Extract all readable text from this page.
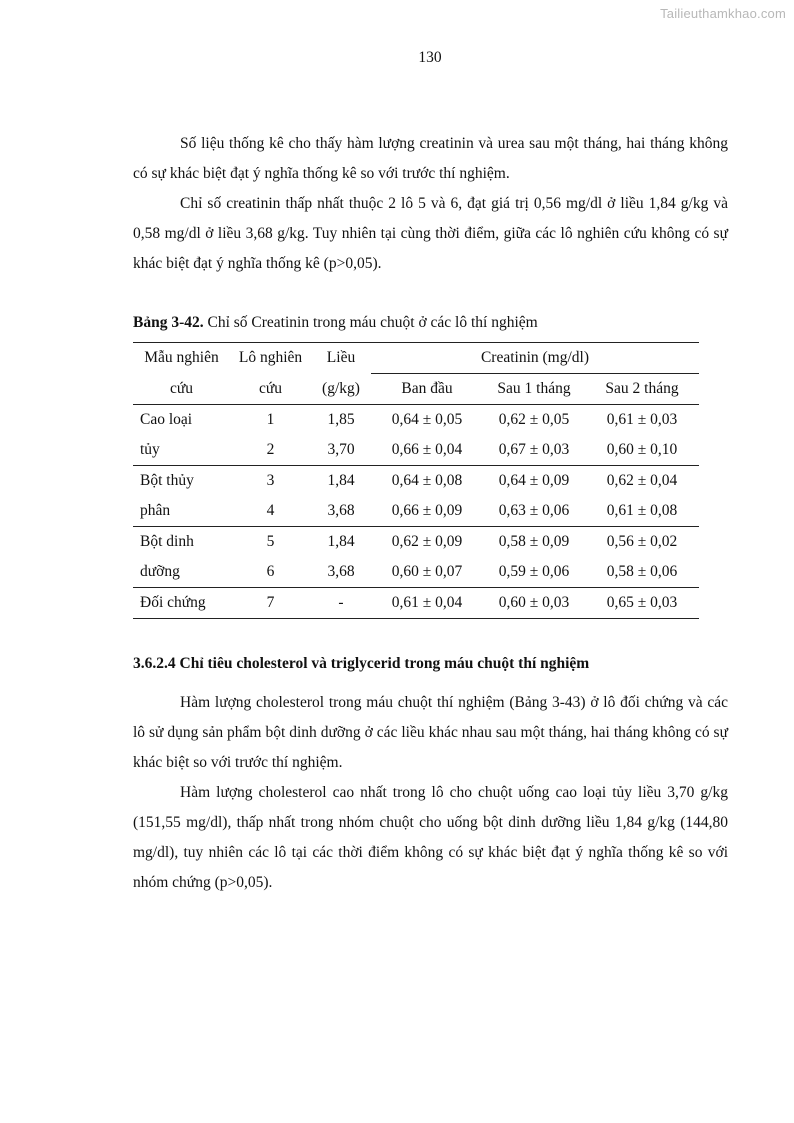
Tailieuthamkhao.com
130

Số liệu thống kê cho thấy hàm lượng creatinin và urea sau một tháng, hai tháng không có sự khác biệt đạt ý nghĩa thống kê so với trước thí nghiệm.

Chỉ số creatinin thấp nhất thuộc 2 lô 5 và 6, đạt giá trị 0,56 mg/dl ở liều 1,84 g/kg và 0,58 mg/dl ở liều 3,68 g/kg. Tuy nhiên tại cùng thời điểm, giữa các lô nghiên cứu không có sự khác biệt đạt ý nghĩa thống kê (p>0,05).

Bảng 3-42. Chỉ số Creatinin trong máu chuột ở các lô thí nghiệm
Mẫu nghiên	Lô nghiên	Liều	Creatinin (mg/dl)		
cứu	cứu	(g/kg)	Ban đầu	Sau 1 tháng	Sau 2 tháng
Cao loại	1	1,85	0,64 ± 0,05	0,62 ± 0,05	0,61 ± 0,03
tủy	2	3,70	0,66 ± 0,04	0,67 ± 0,03	0,60 ± 0,10
Bột thủy	3	1,84	0,64 ± 0,08	0,64 ± 0,09	0,62 ± 0,04
phân	4	3,68	0,66 ± 0,09	0,63 ± 0,06	0,61 ± 0,08
Bột dinh	5	1,84	0,62 ± 0,09	0,58 ± 0,09	0,56 ± 0,02
dưỡng	6	3,68	0,60 ± 0,07	0,59 ± 0,06	0,58 ± 0,06
Đối chứng	7	-	0,61 ± 0,04	0,60 ± 0,03	0,65 ± 0,03
3.6.2.4 Chỉ tiêu cholesterol và triglycerid trong máu chuột thí nghiệm

Hàm lượng cholesterol trong máu chuột thí nghiệm (Bảng 3-43) ở lô đối chứng và các lô sử dụng sản phẩm bột dinh dưỡng ở các liều khác nhau sau một tháng, hai tháng không có sự khác biệt so với trước thí nghiệm.

Hàm lượng cholesterol cao nhất trong lô cho chuột uống cao loại tủy liều 3,70 g/kg (151,55 mg/dl), thấp nhất trong nhóm chuột cho uống bột dinh dưỡng liều 1,84 g/kg (144,80 mg/dl), tuy nhiên các lô tại các thời điểm không có sự khác biệt đạt ý nghĩa thống kê so với nhóm chứng (p>0,05).
